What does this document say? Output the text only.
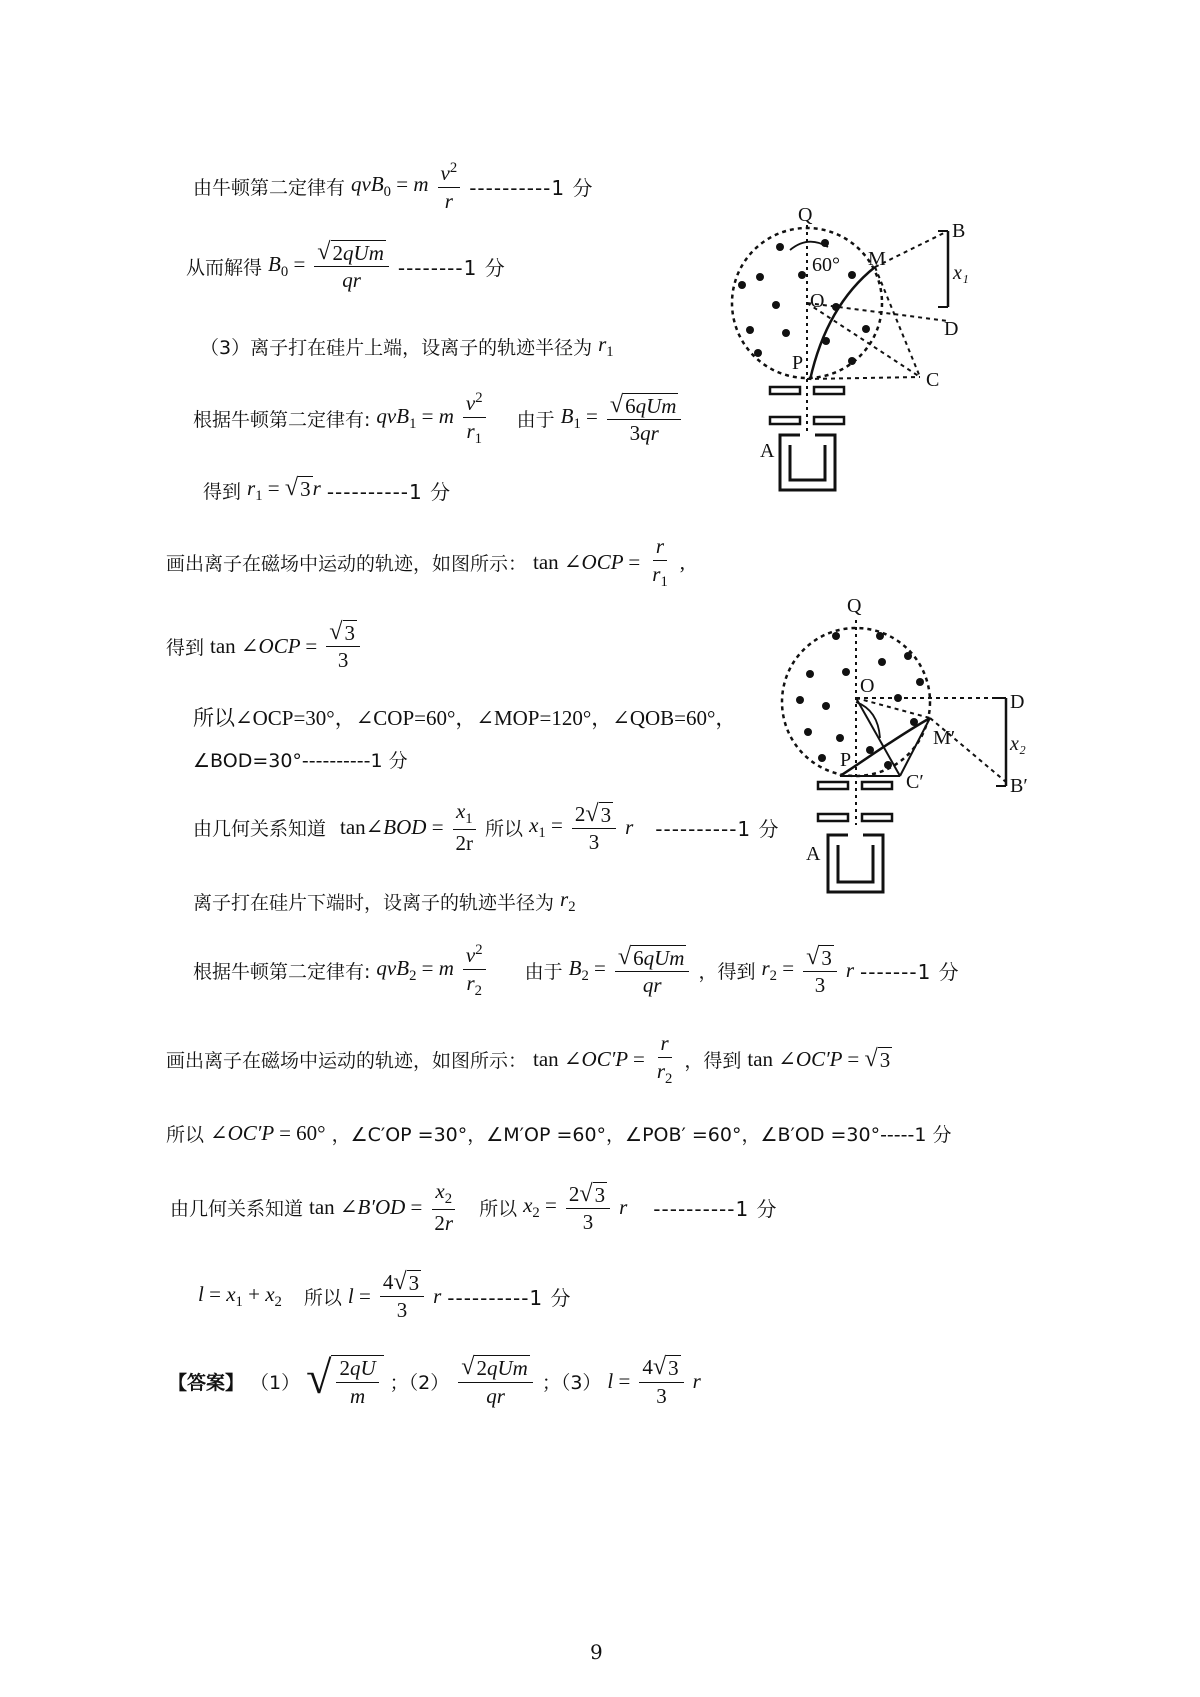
由牛顿第二定律有 qvB$_0$ = m $\frac{v^2}{r} ----------1$ 分
从而解得 $B_0 = \frac{\text{√ 2qUm}}{qr} --------1$ 分
（3）离子打在硅片上端，设离子的轨迹半径为 $r_1$
根据牛顿第二定律有: qvB$_1$ = m $\frac{v^2}{r_1}$ 由于 $B_1 = \frac{\text{√ 6qUm}}{3qr}$
得到 $r_1$ = √ 3 r ----------1 分
画出离子在磁场中运动的轨迹，如图所示： tan ∠OCP = $\frac{r}{r_1}$ ,
得到 tan ∠OCP = $\frac{√ 3}{3}$
所以∠OCP=30°，∠COP=60°，∠MOP=120°，∠QOB=60°，
∠BOD=30°----------1 分
由几何关系知道 tan∠BOD = $\frac{x_1}{2r}$ 所以 $x_1 = \frac{2 √ 3}{3}$ r ----------1 分
离子打在硅片下端时，设离子的轨迹半径为 $r_2$
根据牛顿第二定律有: qvB$_2$ = m $\frac{v^2}{r_2}$ 由于 $B_2 = \frac{\text{√ 6qUm}}{qr}$ ，得到 $r_2 = \frac{√ 3}{3}$ r -------1 分
画出离子在磁场中运动的轨迹，如图所示： tan ∠OC′P = $\frac{r}{r_2}$ ，得到 tan ∠OC′P = √ 3
所以 ∠OC′P = 60° ，∠C′OP =30°，∠M′OP =60°，∠POB′ =60°，∠B′OD =30°-----1 分
由几何关系知道 tan ∠B′OD = $\frac{x_2}{2r}$ 所以 $x_2 = \frac{2 √ 3}{3}$ r ----------1 分
$l = x_1 + x_2$ 所以 $l = \frac{4 √ 3}{3}$ r ----------1 分
【答案】 （1） √ $\frac{2qU}{m}$ ；$(2) \frac{\text{√ 2qUm}}{qr}$ ；（3） $l = \frac{4 √ 3}{3}$ r
Q
B
60° M
x₁
O
D
P
C
A
Q
O
D
M′	x₂
P
C′	B′
A
9
